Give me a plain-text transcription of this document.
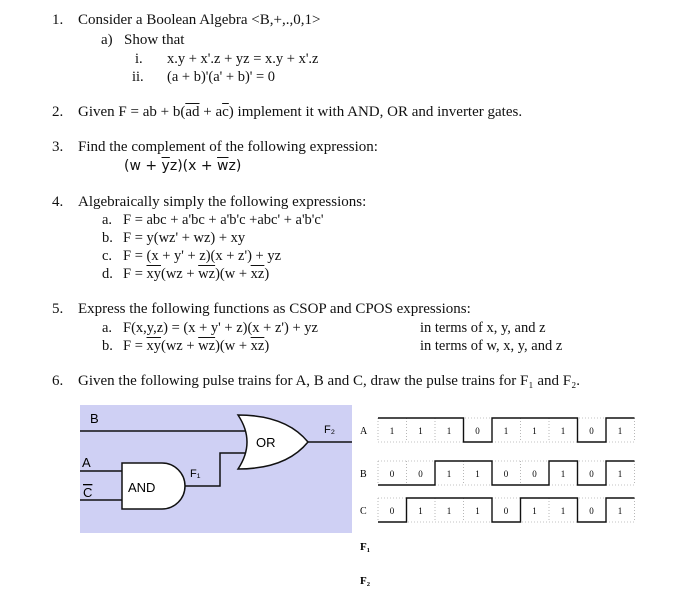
1. Consider a Boolean Algebra <B,+,.,0,1>
a) Show that
i. x.y + x'.z + yz = x.y + x'.z
ii. (a + b)'(a' + b)' = 0
2. Given F = ab + $b(\overline{ad} + a\overline{c})$ implement it with AND, OR and inverter gates.
3. Find the complement of the following expression:
$(w + \overline{y}z)(x + \overline{w}z)$
4. Algebraically simply the following expressions:
a. F = abc + a'bc + a'b'c +abc' + a'b'c'
b. F = y(wz' + wz) + xy
c. F = (x + y' + z)(x + z') + yz
d. $F = \overline{xy}(wz + \overline{wz})(w + \overline{xz})$
5. Express the following functions as CSOP and CPOS expressions:
a. F(x,y,z) = (x + y' + z)(x + z') + yz	in terms of x, y, and z
b. $F = \overline{xy}(wz + \overline{wz})(w + \overline{xz})$	in terms of w, x, y, and z
6. Given the following pulse trains for A, B and C, draw the pulse trains for F₁ and F₂.
B
A
C	AND
OR
F₁
F₂	A	1	1	1	0	1	1	1	0	1
B	0	0	1	1	0	0	1	0	1
C	0	1	1	1	0	1	1	0	1
F₁
F₂
